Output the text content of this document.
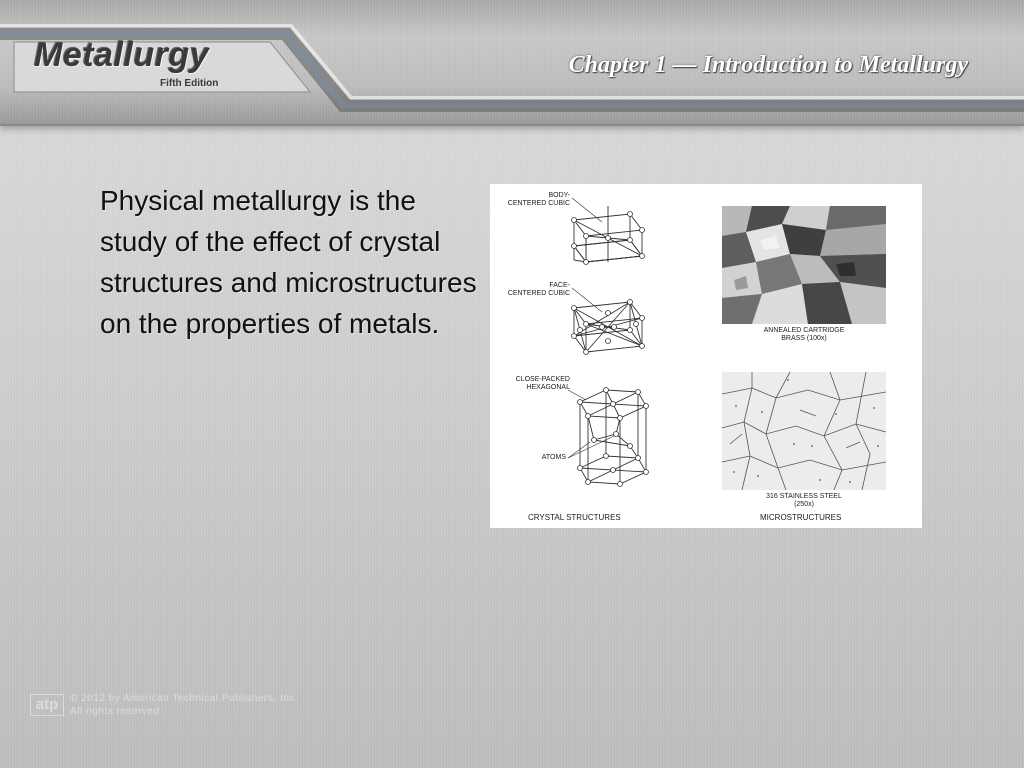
Metallurgy
Fifth Edition
Chapter 1 — Introduction to Metallurgy
Physical metallurgy is the study of the effect of crystal structures and microstructures on the properties of metals.
BODY-
CENTERED CUBIC
FACE-
CENTERED CUBIC
CLOSE-PACKED
HEXAGONAL
ATOMS
ANNEALED CARTRIDGE
BRASS (100x)
316 STAINLESS STEEL
(250x)
CRYSTAL STRUCTURES	MICROSTRUCTURES
atp	© 2012 by American Technical Publishers, Inc.
All rights reserved
